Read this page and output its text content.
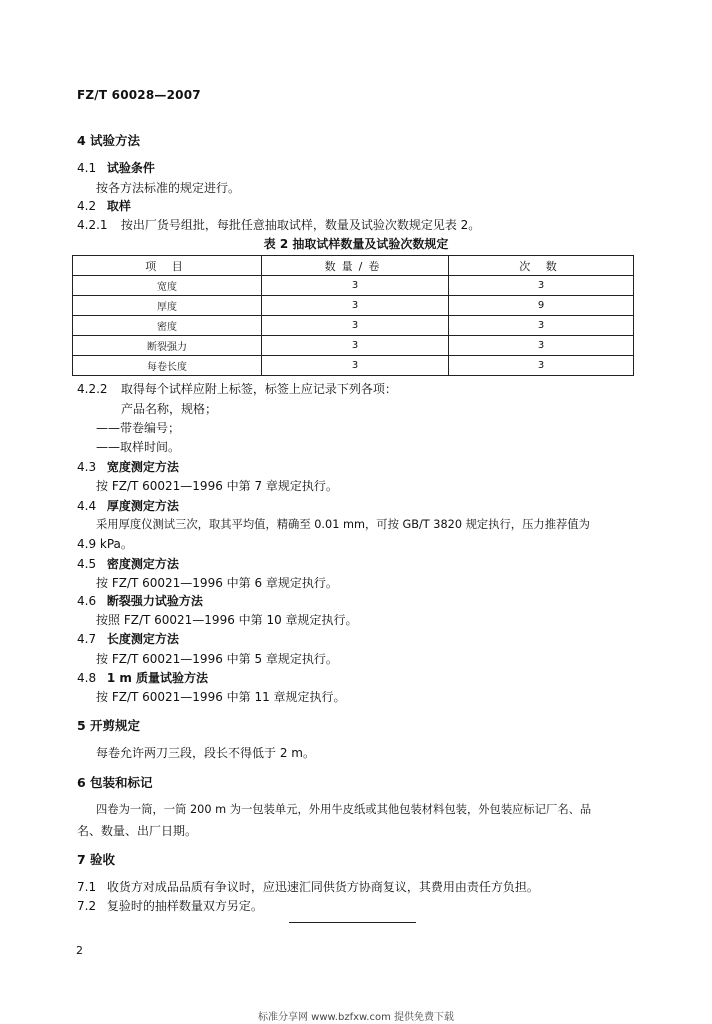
FZ/T 60028—2007
4 试验方法
4.1 试验条件
按各方法标准的规定进行。
4.2 取样
4.2.1 按出厂货号组批，每批任意抽取试样，数量及试验次数规定见表 2。
表 2 抽取试样数量及试验次数规定
项 目	数量/卷	次 数
宽度	3	3
厚度	3	9
密度	3	3
断裂强力	3	3
每卷长度	3	3
4.2.2 取得每个试样应附上标签，标签上应记录下列各项：
产品名称，规格；
——带卷编号；
——取样时间。
4.3 宽度测定方法
按 FZ/T 60021—1996 中第 7 章规定执行。
4.4 厚度测定方法
采用厚度仪测试三次，取其平均值，精确至 0.01 mm，可按 GB/T 3820 规定执行，压力推荐值为
4.9 kPa。
4.5 密度测定方法
按 FZ/T 60021—1996 中第 6 章规定执行。
4.6 断裂强力试验方法
按照 FZ/T 60021—1996 中第 10 章规定执行。
4.7 长度测定方法
按 FZ/T 60021—1996 中第 5 章规定执行。
4.8 1 m 质量试验方法
按 FZ/T 60021—1996 中第 11 章规定执行。
5 开剪规定
每卷允许两刀三段，段长不得低于 2 m。
6 包装和标记
四卷为一筒，一筒 200 m 为一包装单元，外用牛皮纸或其他包装材料包装，外包装应标记厂名、品
名、数量、出厂日期。
7 验收
7.1 收货方对成品品质有争议时，应迅速汇同供货方协商复议，其费用由责任方负担。
7.2 复验时的抽样数量双方另定。
2
标准分享网 www.bzfxw.com 提供免费下载
